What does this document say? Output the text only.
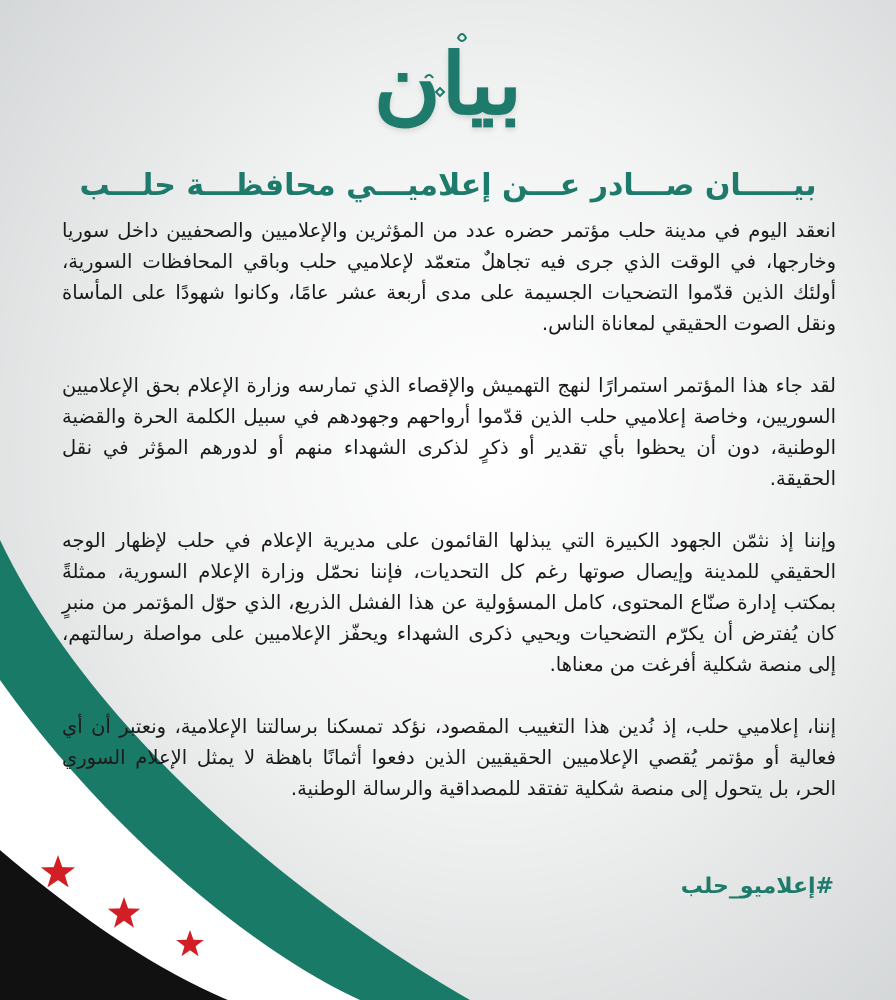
بيان
بيـــــان صـــادر عـــن إعلاميـــي محافظـــة حلـــب

انعقد اليوم في مدينة حلب مؤتمر حضره عدد من المؤثرين والإعلاميين والصحفيين داخل سوريا وخارجها، في الوقت الذي جرى فيه تجاهلٌ متعمّد لإعلاميي حلب وباقي المحافظات السورية، أولئك الذين قدّموا التضحيات الجسيمة على مدى أربعة عشر عامًا، وكانوا شهودًا على المأساة ونقل الصوت الحقيقي لمعاناة الناس.

لقد جاء هذا المؤتمر استمرارًا لنهج التهميش والإقصاء الذي تمارسه وزارة الإعلام بحق الإعلاميين السوريين، وخاصة إعلاميي حلب الذين قدّموا أرواحهم وجهودهم في سبيل الكلمة الحرة والقضية الوطنية، دون أن يحظوا بأي تقدير أو ذكرٍ لذكرى الشهداء منهم أو لدورهم المؤثر في نقل الحقيقة.

وإننا إذ نثمّن الجهود الكبيرة التي يبذلها القائمون على مديرية الإعلام في حلب لإظهار الوجه الحقيقي للمدينة وإيصال صوتها رغم كل التحديات، فإننا نحمّل وزارة الإعلام السورية، ممثلةً بمكتب إدارة صنّاع المحتوى، كامل المسؤولية عن هذا الفشل الذريع، الذي حوّل المؤتمر من منبرٍ كان يُفترض أن يكرّم التضحيات ويحيي ذكرى الشهداء ويحفّز الإعلاميين على مواصلة رسالتهم، إلى منصة شكلية أفرغت من معناها.

إننا، إعلاميي حلب، إذ نُدين هذا التغييب المقصود، نؤكد تمسكنا برسالتنا الإعلامية، ونعتبر أن أي فعالية أو مؤتمر يُقصي الإعلاميين الحقيقيين الذين دفعوا أثمانًا باهظة لا يمثل الإعلام السوري الحر، بل يتحول إلى منصة شكلية تفتقد للمصداقية والرسالة الوطنية.

#إعلاميو_حلب
